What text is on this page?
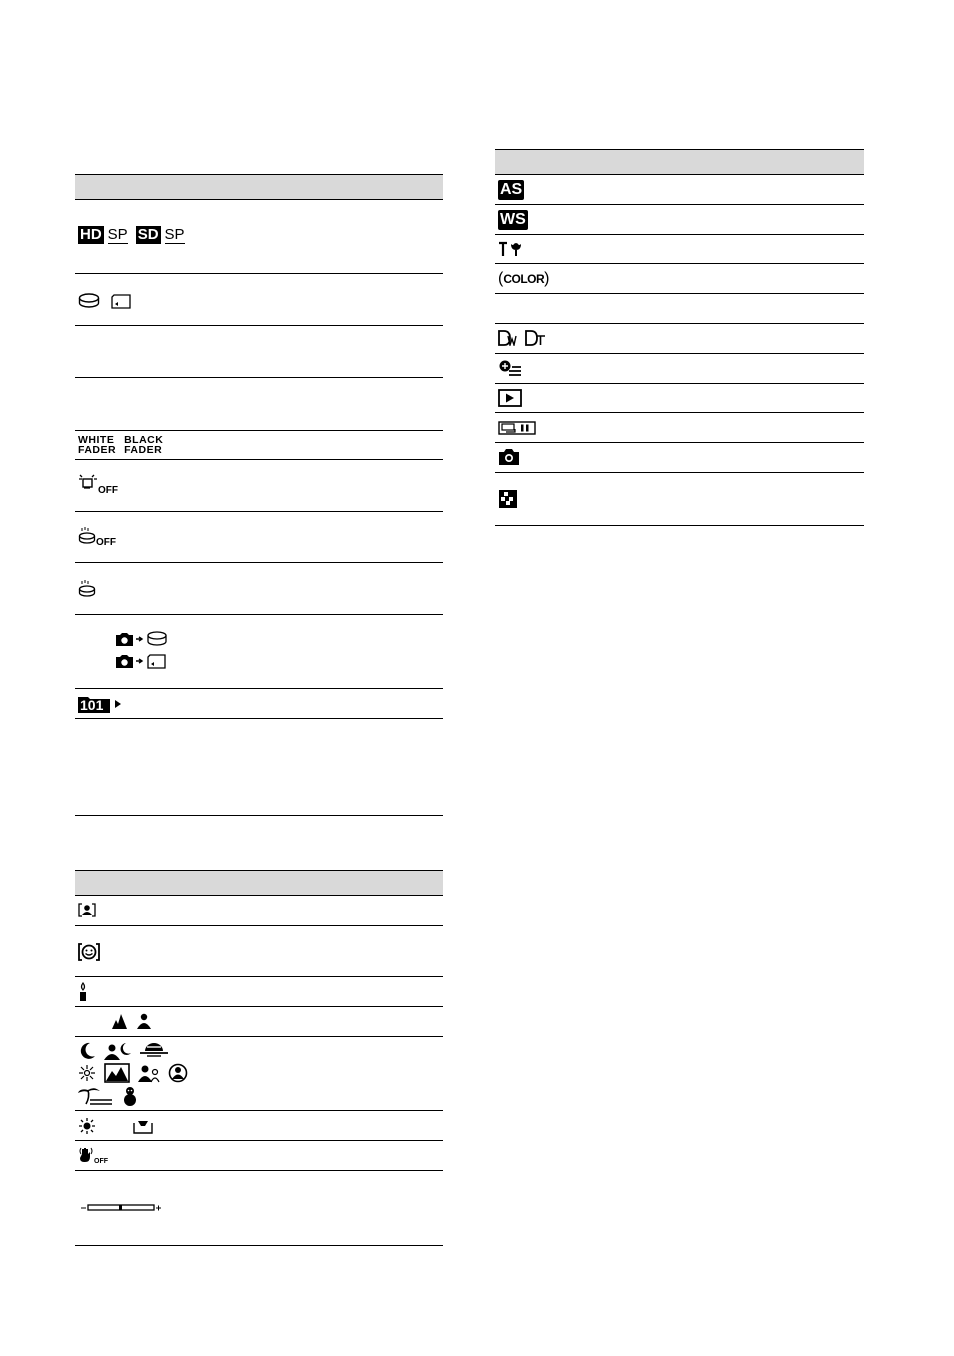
HD SP SD SP
WHITE
FADER
BLACK
FADER
OFF
OFF
101
OFF
AS
WS
( COLOR )
